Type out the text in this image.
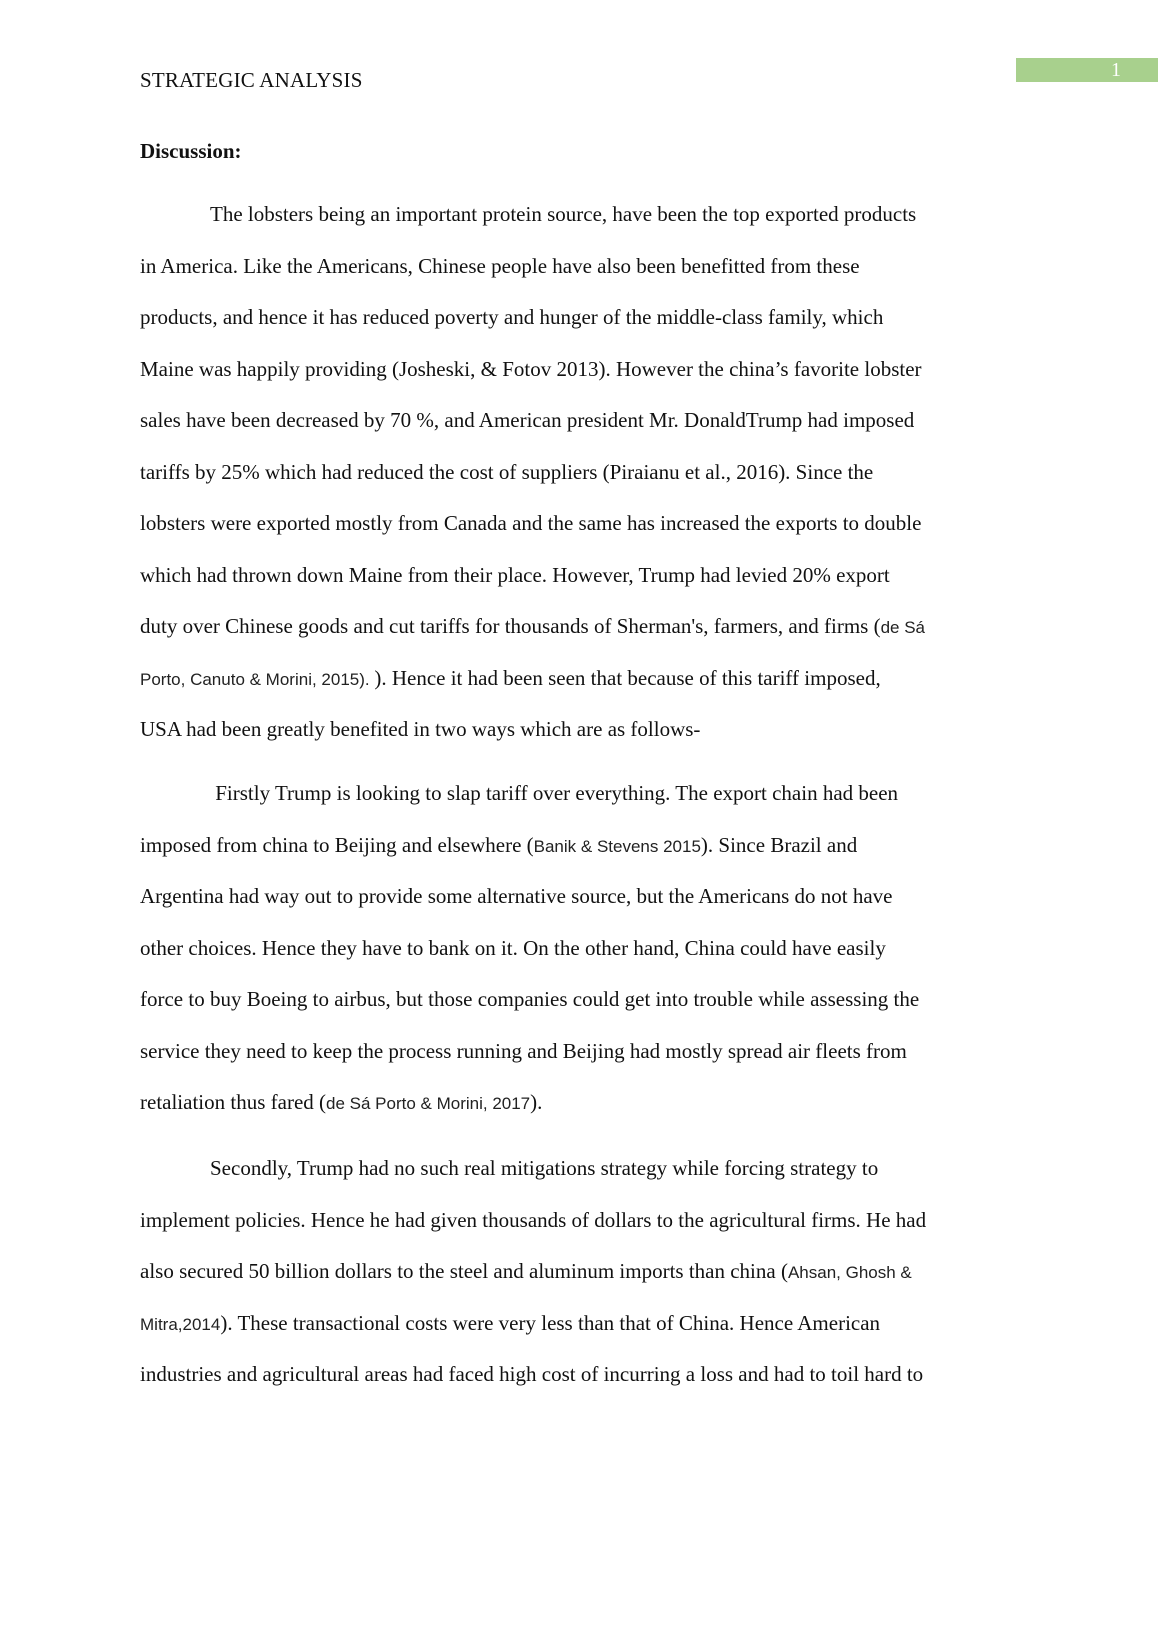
STRATEGIC ANALYSIS	1
Discussion:
The lobsters being an important protein source, have been the top exported products
in America. Like the Americans, Chinese people have also been benefitted from these
products, and hence it has reduced poverty and hunger of the middle-class family, which
Maine was happily providing (Josheski, & Fotov 2013). However the china’s favorite lobster
sales have been decreased by 70 %, and American president Mr. DonaldTrump had imposed
tariffs by 25% which had reduced the cost of suppliers (Piraianu et al., 2016). Since the
lobsters were exported mostly from Canada and the same has increased the exports to double
which had thrown down Maine from their place. However, Trump had levied 20% export
duty over Chinese goods and cut tariffs for thousands of Sherman's, farmers, and firms (de Sá
Porto, Canuto & Morini, 2015). ). Hence it had been seen that because of this tariff imposed,
USA had been greatly benefited in two ways which are as follows-
Firstly Trump is looking to slap tariff over everything. The export chain had been
imposed from china to Beijing and elsewhere (Banik & Stevens 2015). Since Brazil and
Argentina had way out to provide some alternative source, but the Americans do not have
other choices. Hence they have to bank on it. On the other hand, China could have easily
force to buy Boeing to airbus, but those companies could get into trouble while assessing the
service they need to keep the process running and Beijing had mostly spread air fleets from
retaliation thus fared (de Sá Porto & Morini, 2017).
Secondly, Trump had no such real mitigations strategy while forcing strategy to
implement policies. Hence he had given thousands of dollars to the agricultural firms. He had
also secured 50 billion dollars to the steel and aluminum imports than china (Ahsan, Ghosh &
Mitra,2014). These transactional costs were very less than that of China. Hence American
industries and agricultural areas had faced high cost of incurring a loss and had to toil hard to
